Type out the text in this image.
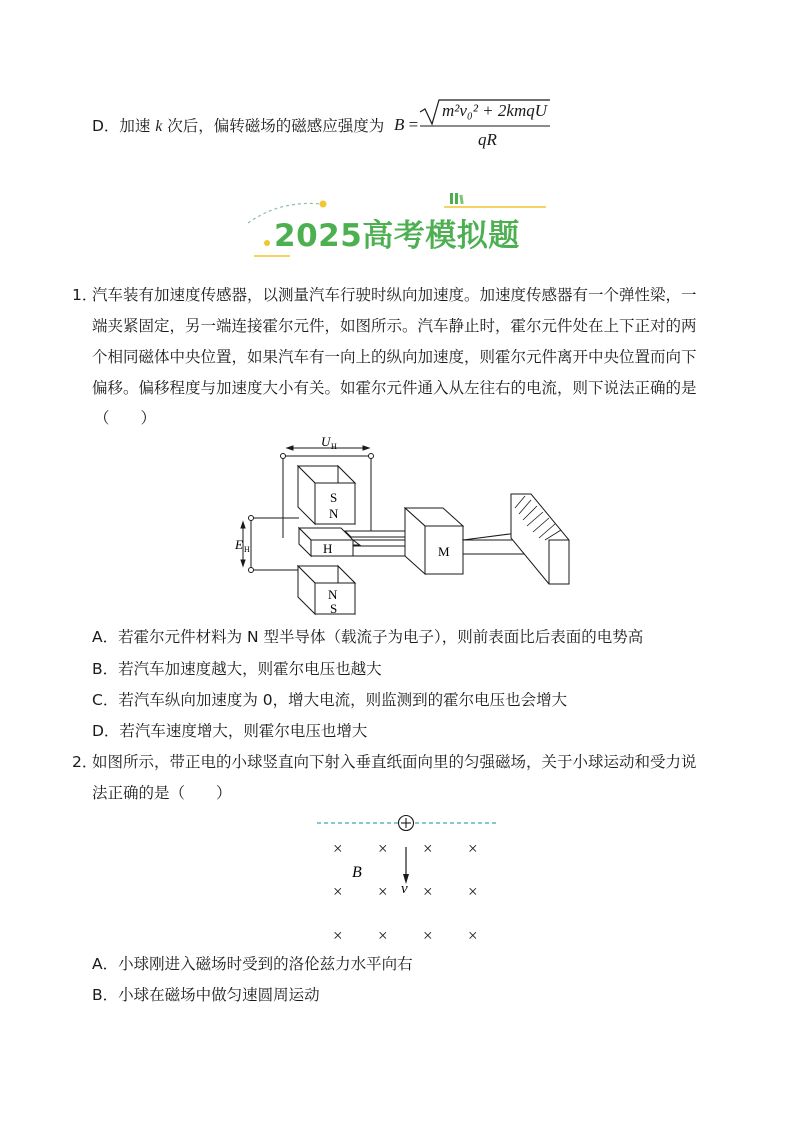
D．加速 k 次后，偏转磁场的磁感应强度为 B =
m²v₀² + 2kmqU
qR
2025高考模拟题
1．
汽车装有加速度传感器，以测量汽车行驶时纵向加速度。加速度传感器有一个弹性梁，一
端夹紧固定，另一端连接霍尔元件，如图所示。汽车静止时，霍尔元件处在上下正对的两
个相同磁体中央位置，如果汽车有一向上的纵向加速度，则霍尔元件离开中央位置而向下
偏移。偏移程度与加速度大小有关。如霍尔元件通入从左往右的电流，则下说法正确的是
（　　）
U H
E H
S
N
H	M
N
S
A．若霍尔元件材料为 N 型半导体（载流子为电子），则前表面比后表面的电势高
B．若汽车加速度越大，则霍尔电压也越大
C．若汽车纵向加速度为 0，增大电流，则监测到的霍尔电压也会增大
D．若汽车速度增大，则霍尔电压也增大
2．
如图所示，带正电的小球竖直向下射入垂直纸面向里的匀强磁场，关于小球运动和受力说
法正确的是（　　）
× × × ×
× × × ×
× × × ×
B
v
A．小球刚进入磁场时受到的洛伦兹力水平向右
B．小球在磁场中做匀速圆周运动
